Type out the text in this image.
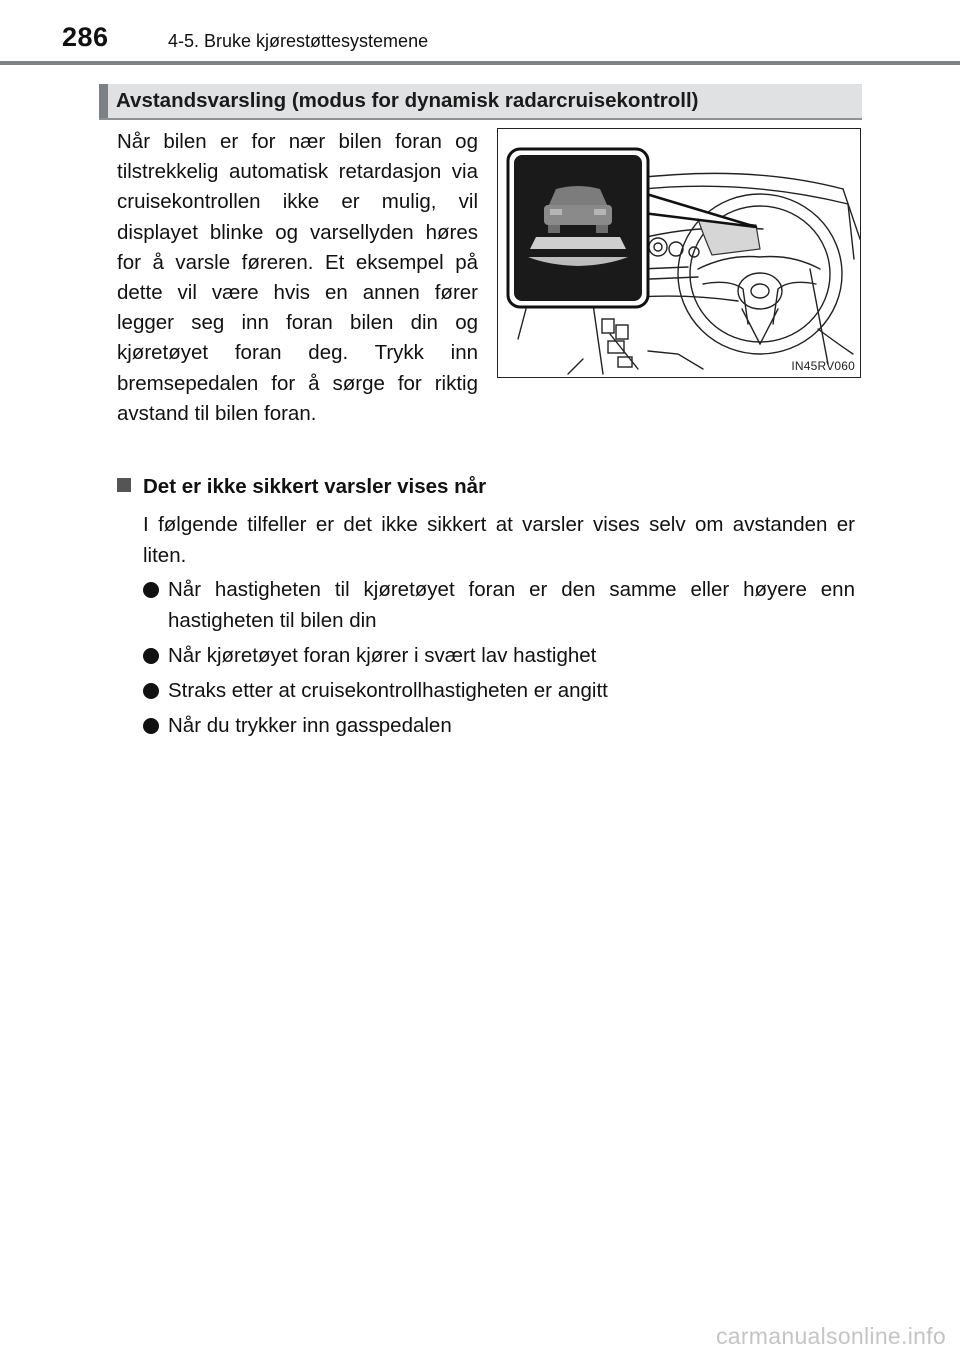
286	4-5. Bruke kjørestøttesystemene
Avstandsvarsling (modus for dynamisk radarcruisekontroll)

Når bilen er for nær bilen foran og tilstrekkelig automatisk retardasjon via cruisekontrollen ikke er mulig, vil displayet blinke og varsellyden høres for å varsle føreren. Et eksempel på dette vil være hvis en annen fører legger seg inn foran bilen din og kjøretøyet foran deg. Trykk inn bremsepedalen for å sørge for riktig avstand til bilen foran.

IN45RV060
Det er ikke sikkert varsler vises når

I følgende tilfeller er det ikke sikkert at varsler vises selv om avstanden er liten.

Når hastigheten til kjøretøyet foran er den samme eller høyere enn hastigheten til bilen din
Når kjøretøyet foran kjører i svært lav hastighet
Straks etter at cruisekontrollhastigheten er angitt
Når du trykker inn gasspedalen
carmanualsonline.info
